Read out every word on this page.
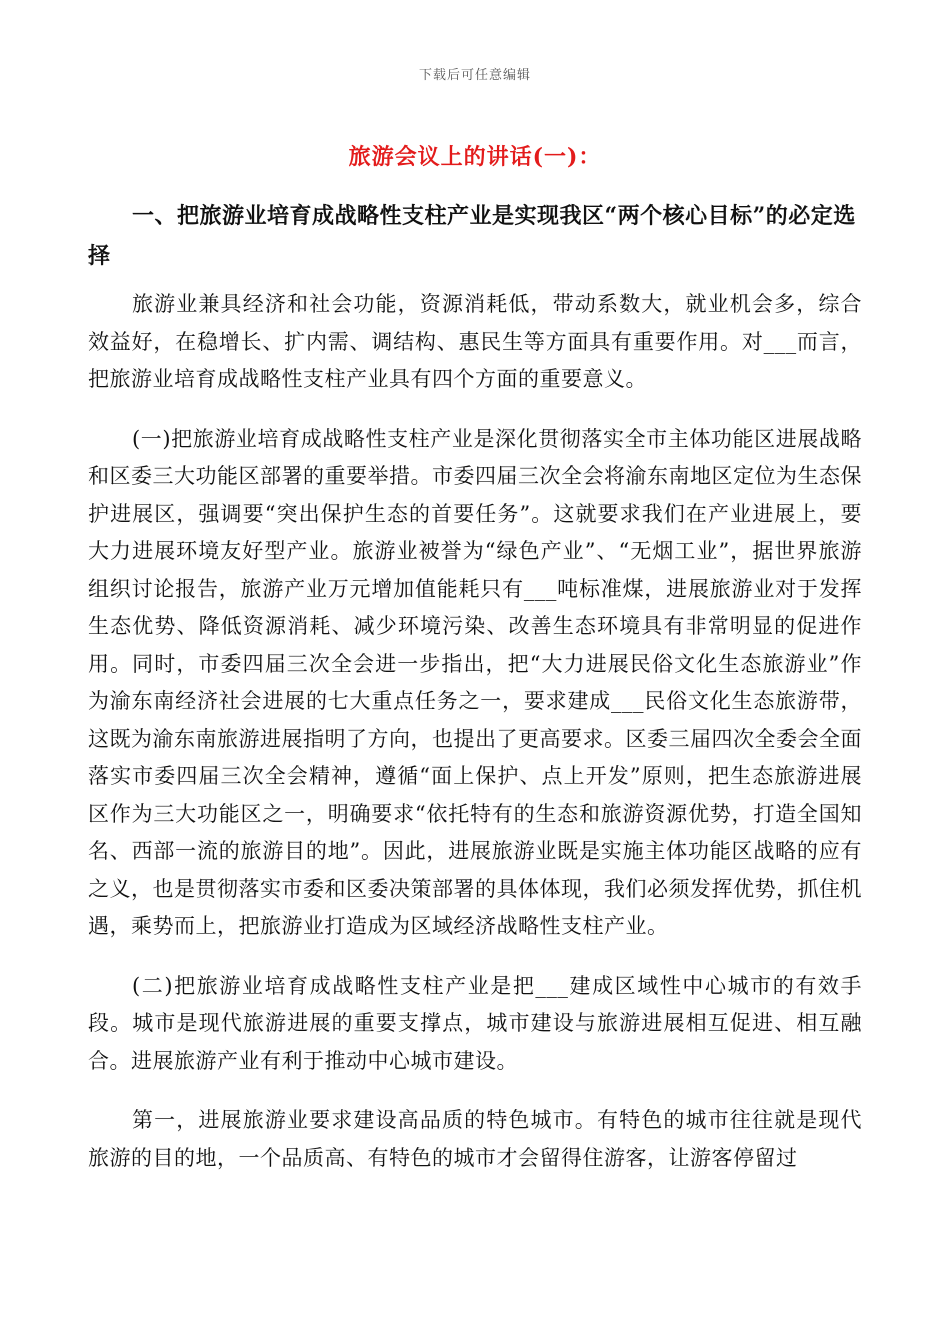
下载后可任意编辑
旅游会议上的讲话(一)：
一、把旅游业培育成战略性支柱产业是实现我区“两个核心目标”的必定选择

旅游业兼具经济和社会功能，资源消耗低，带动系数大，就业机会多，综合效益好，在稳增长、扩内需、调结构、惠民生等方面具有重要作用。对___而言，把旅游业培育成战略性支柱产业具有四个方面的重要意义。

(一)把旅游业培育成战略性支柱产业是深化贯彻落实全市主体功能区进展战略和区委三大功能区部署的重要举措。市委四届三次全会将渝东南地区定位为生态保护进展区，强调要“突出保护生态的首要任务”。这就要求我们在产业进展上，要大力进展环境友好型产业。旅游业被誉为“绿色产业”、“无烟工业”，据世界旅游组织讨论报告，旅游产业万元增加值能耗只有___吨标准煤，进展旅游业对于发挥生态优势、降低资源消耗、减少环境污染、改善生态环境具有非常明显的促进作用。同时，市委四届三次全会进一步指出，把“大力进展民俗文化生态旅游业”作为渝东南经济社会进展的七大重点任务之一，要求建成___民俗文化生态旅游带，这既为渝东南旅游进展指明了方向，也提出了更高要求。区委三届四次全委会全面落实市委四届三次全会精神，遵循“面上保护、点上开发”原则，把生态旅游进展区作为三大功能区之一，明确要求“依托特有的生态和旅游资源优势，打造全国知名、西部一流的旅游目的地”。因此，进展旅游业既是实施主体功能区战略的应有之义，也是贯彻落实市委和区委决策部署的具体体现，我们必须发挥优势，抓住机遇，乘势而上，把旅游业打造成为区域经济战略性支柱产业。

(二)把旅游业培育成战略性支柱产业是把___建成区域性中心城市的有效手段。城市是现代旅游进展的重要支撑点，城市建设与旅游进展相互促进、相互融合。进展旅游产业有利于推动中心城市建设。

第一，进展旅游业要求建设高品质的特色城市。有特色的城市往往就是现代旅游的目的地，一个品质高、有特色的城市才会留得住游客，让游客停留过
